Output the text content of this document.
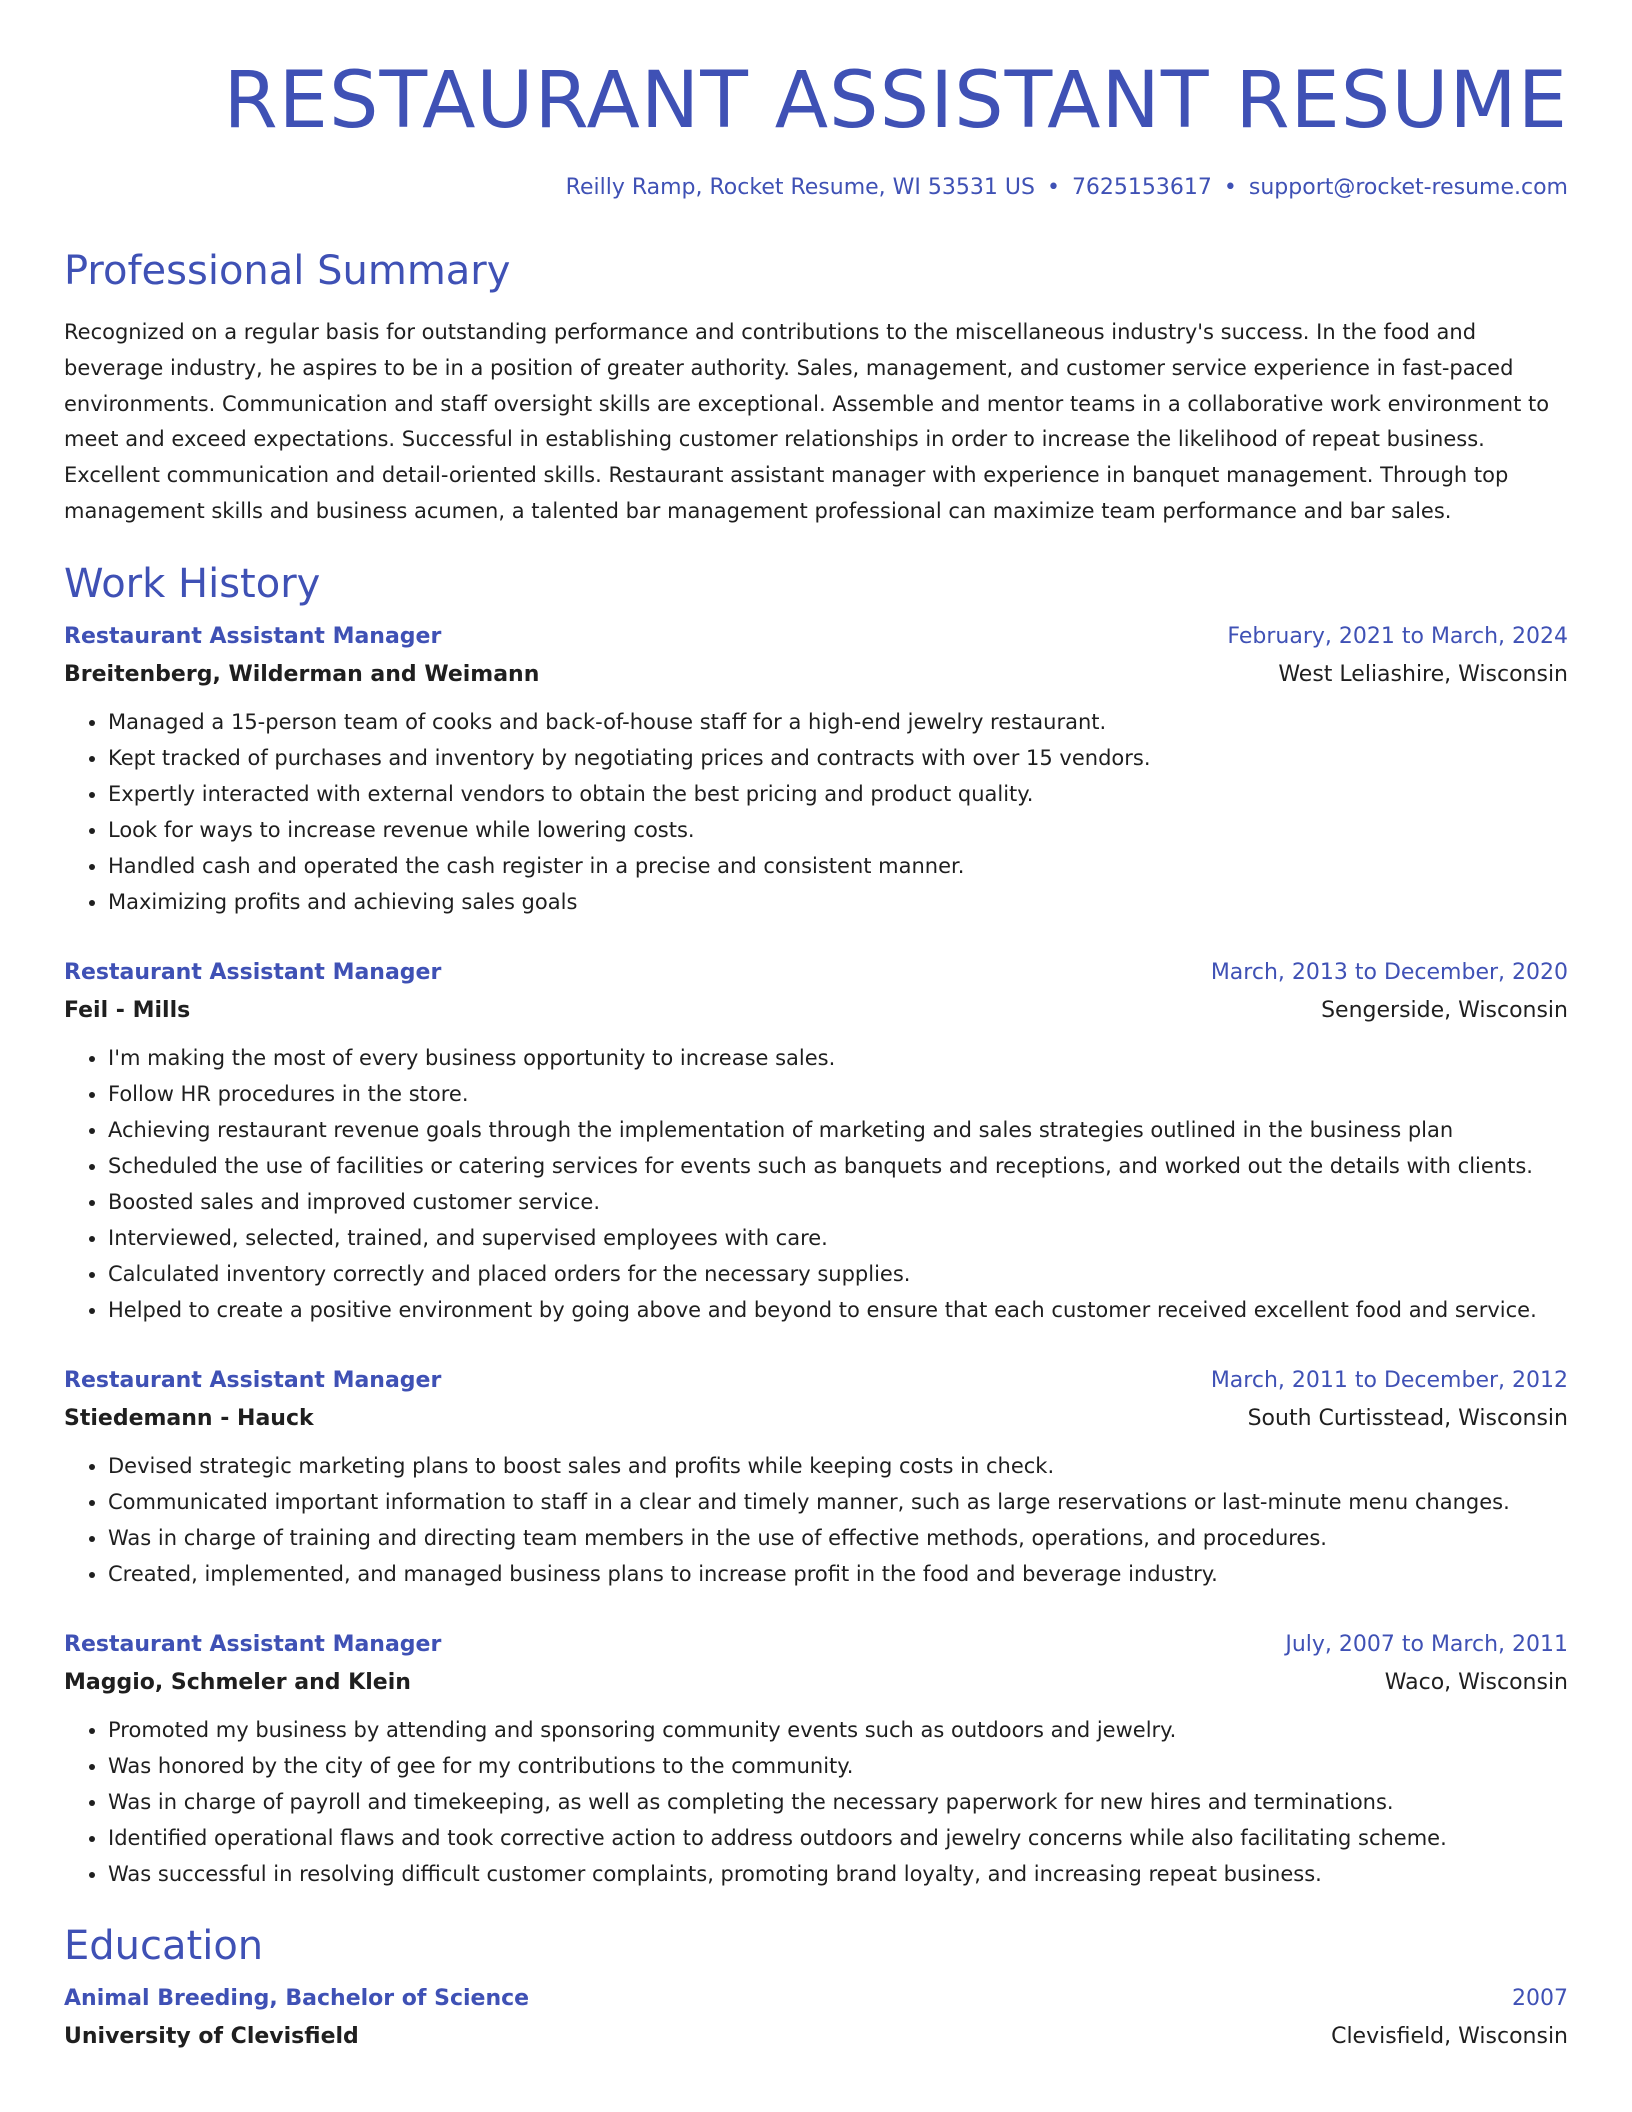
RESTAURANT ASSISTANT RESUME
Reilly Ramp, Rocket Resume, WI 53531 US • 7625153617 • support@rocket-resume.com
Professional Summary
Recognized on a regular basis for outstanding performance and contributions to the miscellaneous industry's success. In the food and beverage industry, he aspires to be in a position of greater authority. Sales, management, and customer service experience in fast-paced environments. Communication and staff oversight skills are exceptional. Assemble and mentor teams in a collaborative work environment to meet and exceed expectations. Successful in establishing customer relationships in order to increase the likelihood of repeat business. Excellent communication and detail-oriented skills. Restaurant assistant manager with experience in banquet management. Through top management skills and business acumen, a talented bar management professional can maximize team performance and bar sales.
Work History
Restaurant Assistant Manager	February, 2021 to March, 2024
Breitenberg, Wilderman and Weimann	West Leliashire, Wisconsin
• Managed a 15-person team of cooks and back-of-house staff for a high-end jewelry restaurant.
• Kept tracked of purchases and inventory by negotiating prices and contracts with over 15 vendors.
• Expertly interacted with external vendors to obtain the best pricing and product quality.
• Look for ways to increase revenue while lowering costs.
• Handled cash and operated the cash register in a precise and consistent manner.
• Maximizing profits and achieving sales goals
Restaurant Assistant Manager	March, 2013 to December, 2020
Feil - Mills	Sengerside, Wisconsin
• I'm making the most of every business opportunity to increase sales.
• Follow HR procedures in the store.
• Achieving restaurant revenue goals through the implementation of marketing and sales strategies outlined in the business plan
• Scheduled the use of facilities or catering services for events such as banquets and receptions, and worked out the details with clients.
• Boosted sales and improved customer service.
• Interviewed, selected, trained, and supervised employees with care.
• Calculated inventory correctly and placed orders for the necessary supplies.
• Helped to create a positive environment by going above and beyond to ensure that each customer received excellent food and service.
Restaurant Assistant Manager	March, 2011 to December, 2012
Stiedemann - Hauck	South Curtisstead, Wisconsin
• Devised strategic marketing plans to boost sales and profits while keeping costs in check.
• Communicated important information to staff in a clear and timely manner, such as large reservations or last-minute menu changes.
• Was in charge of training and directing team members in the use of effective methods, operations, and procedures.
• Created, implemented, and managed business plans to increase profit in the food and beverage industry.
Restaurant Assistant Manager	July, 2007 to March, 2011
Maggio, Schmeler and Klein	Waco, Wisconsin
• Promoted my business by attending and sponsoring community events such as outdoors and jewelry.
• Was honored by the city of gee for my contributions to the community.
• Was in charge of payroll and timekeeping, as well as completing the necessary paperwork for new hires and terminations.
• Identified operational flaws and took corrective action to address outdoors and jewelry concerns while also facilitating scheme.
• Was successful in resolving difficult customer complaints, promoting brand loyalty, and increasing repeat business.
Education
Animal Breeding, Bachelor of Science	2007
University of Clevisfield	Clevisfield, Wisconsin
